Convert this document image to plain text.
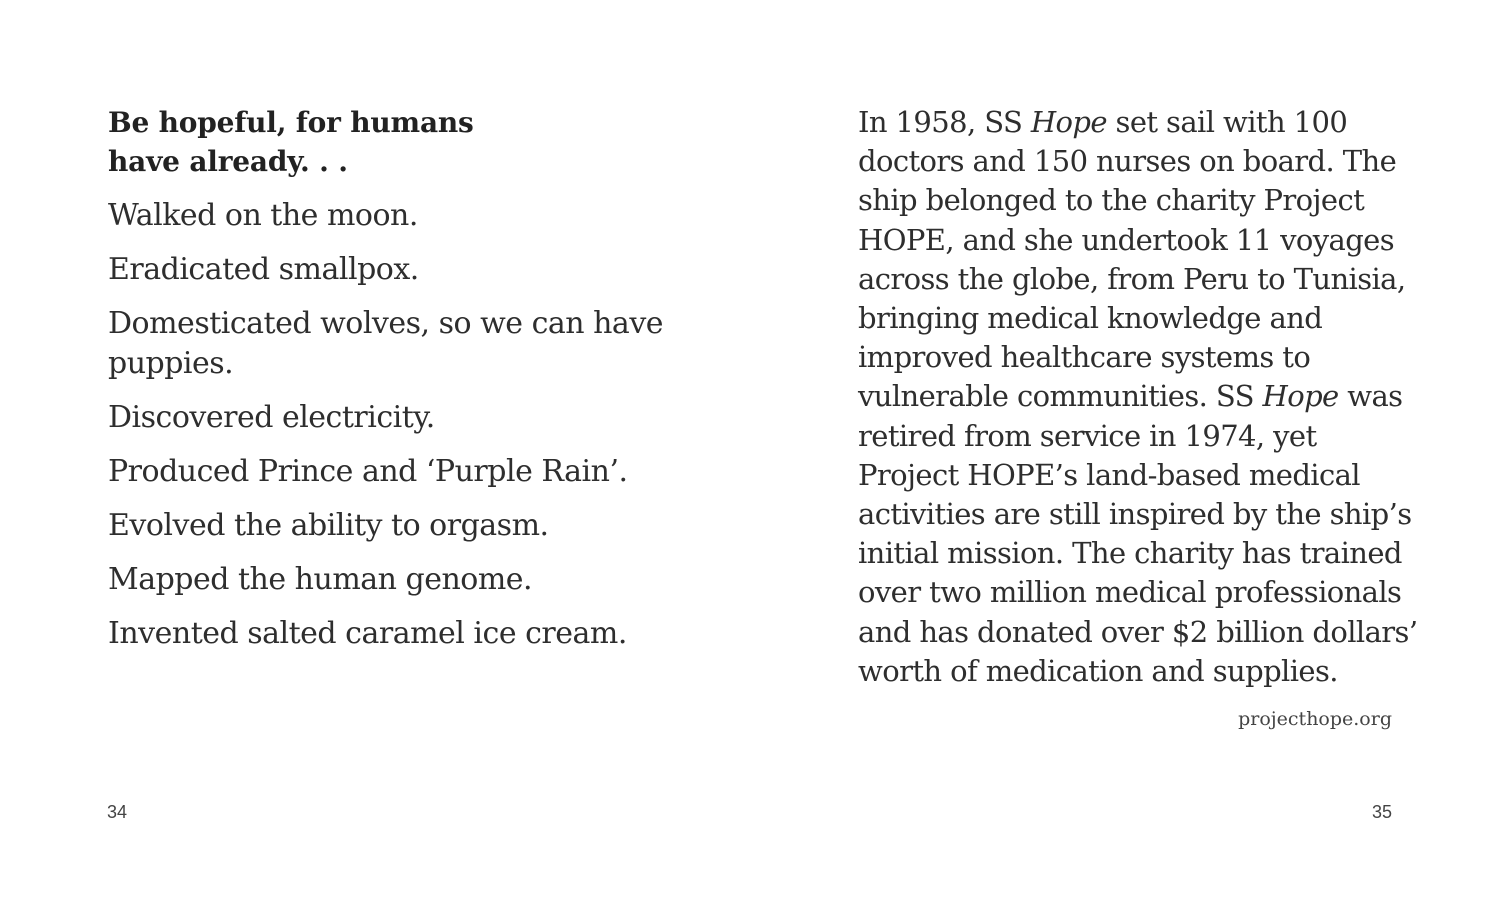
Be hopeful, for humans
have already. . .
Walked on the moon.
Eradicated smallpox.
Domesticated wolves, so we can have puppies.
Discovered electricity.
Produced Prince and ‘Purple Rain’.
Evolved the ability to orgasm.
Mapped the human genome.
Invented salted caramel ice cream.
34

In 1958, SS Hope set sail with 100 doctors and 150 nurses on board. The ship belonged to the charity Project HOPE, and she undertook 11 voyages across the globe, from Peru to Tunisia, bringing medical knowledge and improved healthcare systems to vulnerable communities. SS Hope was retired from service in 1974, yet Project HOPE’s land-based medical activities are still inspired by the ship’s initial mission. The charity has trained over two million medical professionals and has donated over $2 billion dollars’ worth of medication and supplies.

projecthope.org
35
